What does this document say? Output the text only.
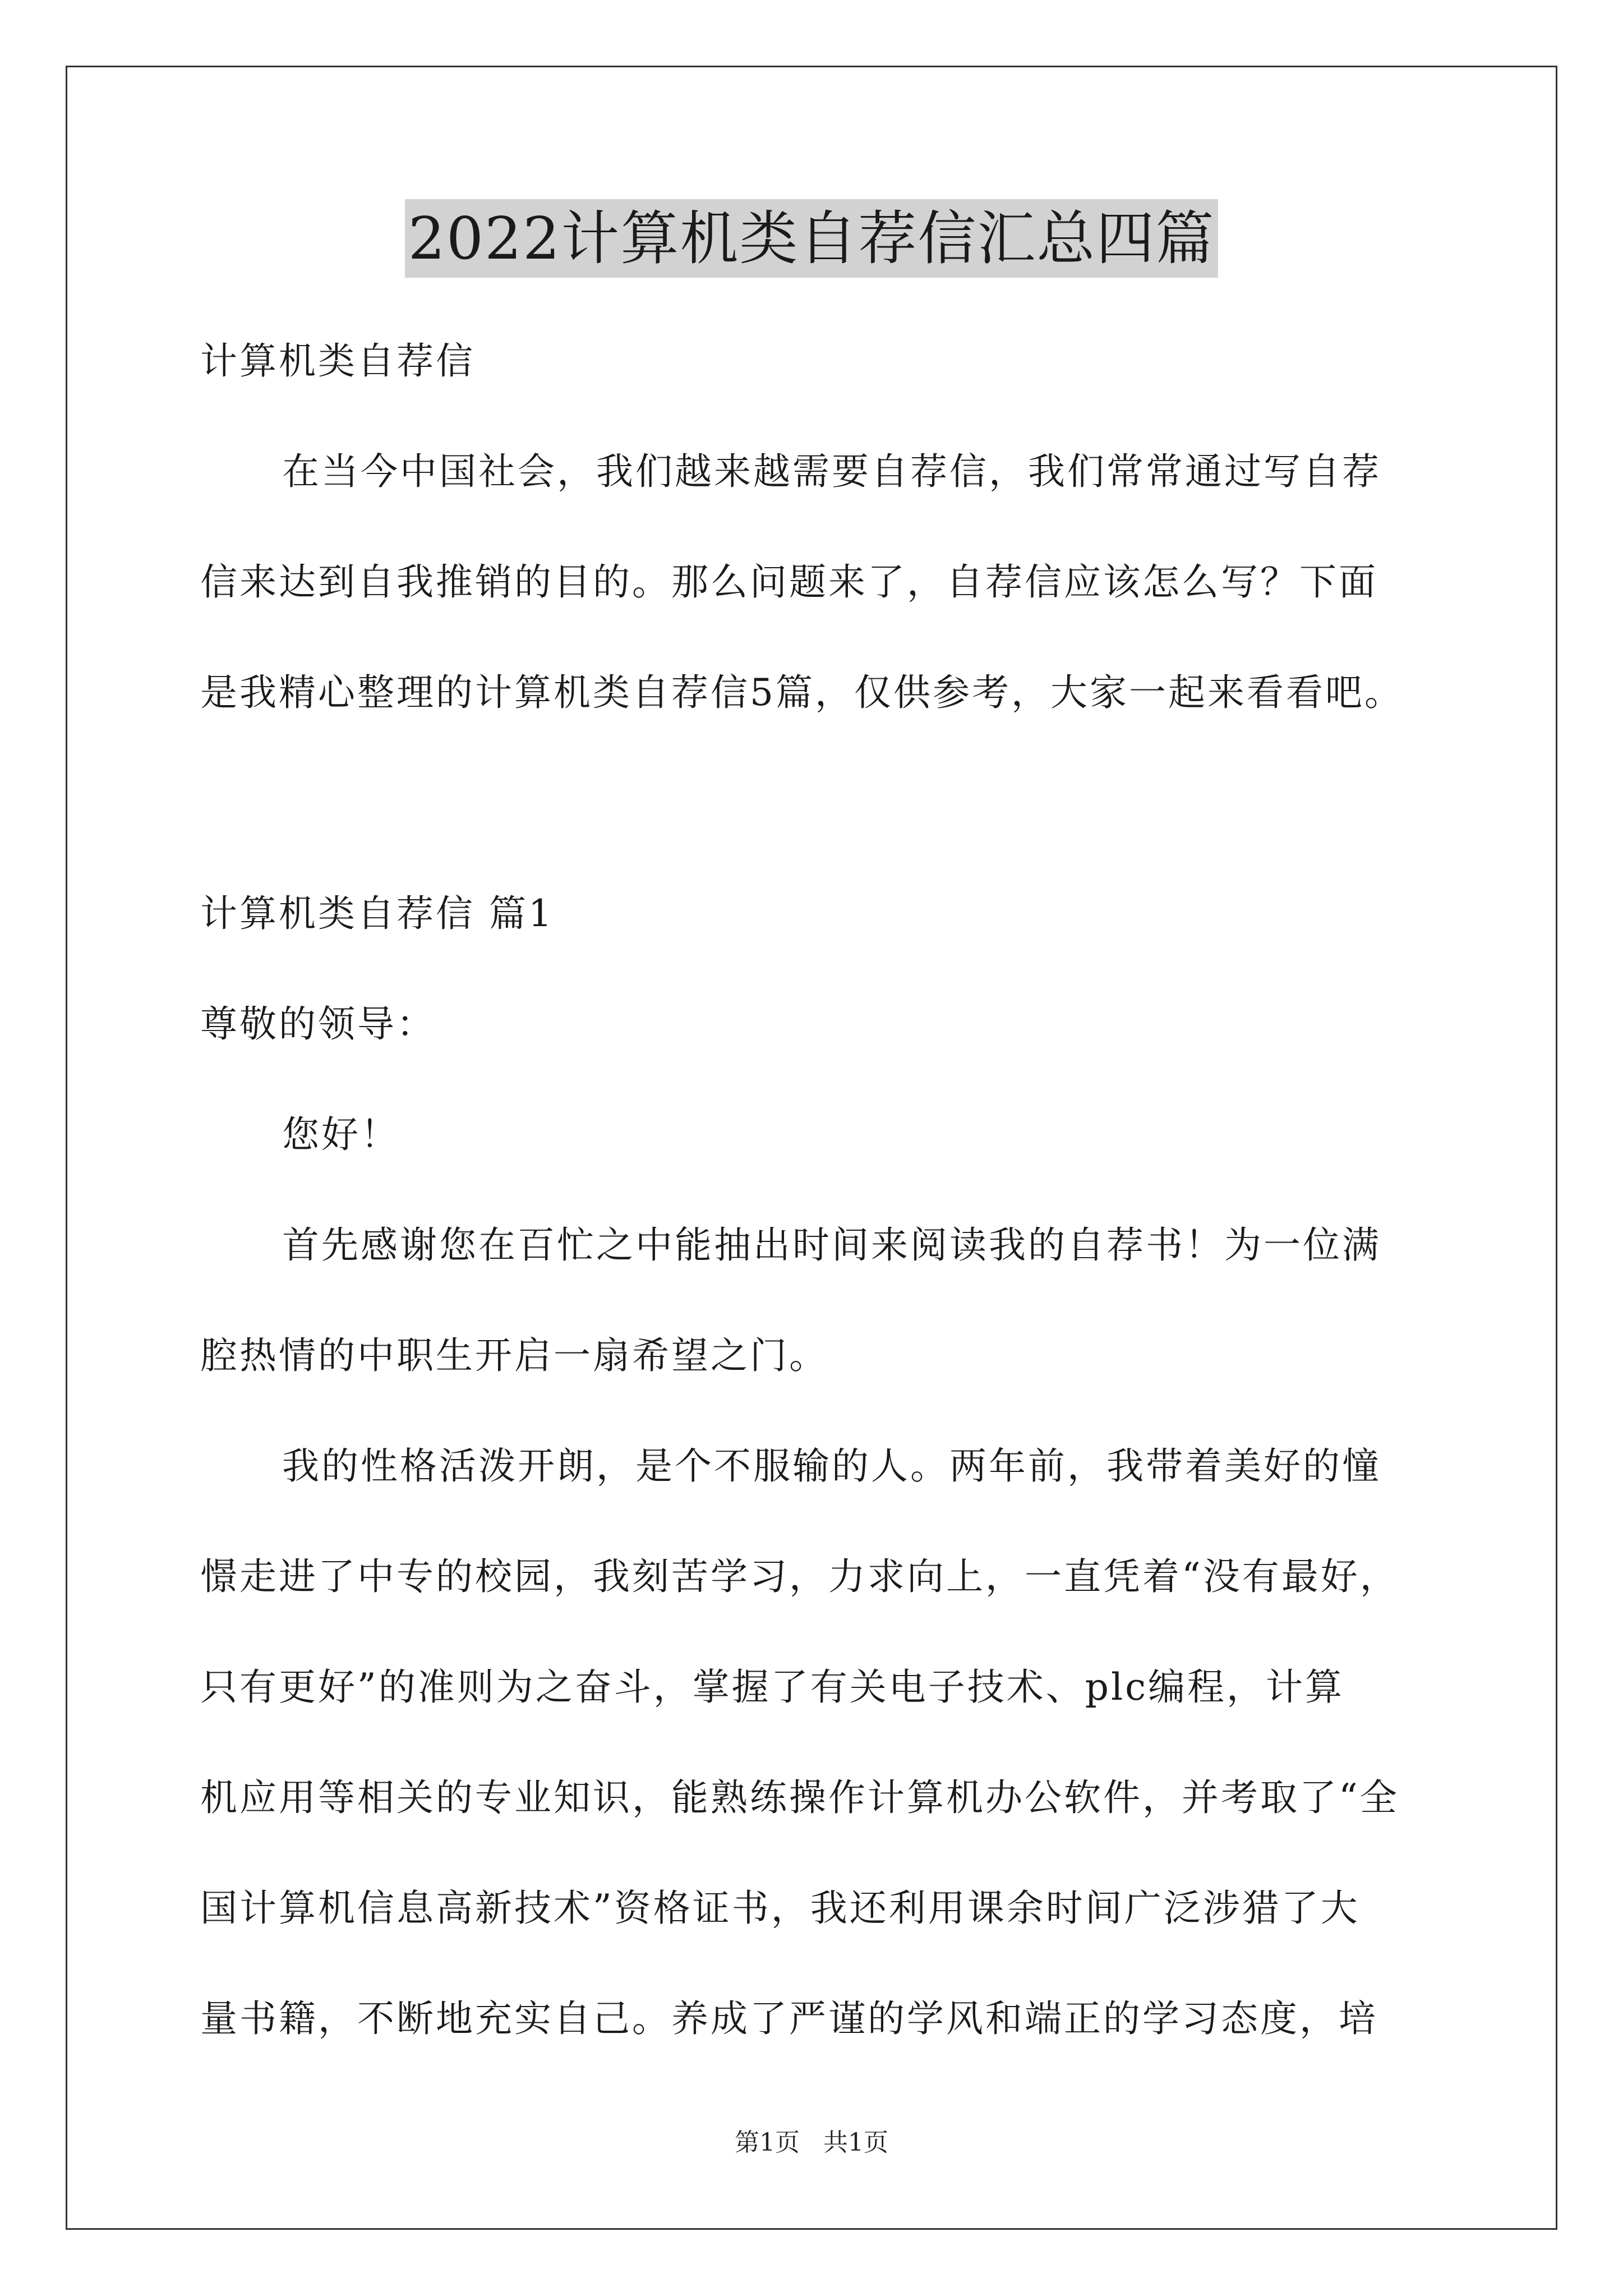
2022计算机类自荐信汇总四篇
计算机类自荐信
在当今中国社会，我们越来越需要自荐信，我们常常通过写自荐
信来达到自我推销的目的。那么问题来了，自荐信应该怎么写？下面
是我精心整理的计算机类自荐信5篇，仅供参考，大家一起来看看吧。
计算机类自荐信 篇1
尊敬的领导：
您好！
首先感谢您在百忙之中能抽出时间来阅读我的自荐书！为一位满
腔热情的中职生开启一扇希望之门。
我的性格活泼开朗，是个不服输的人。两年前，我带着美好的憧
憬走进了中专的校园，我刻苦学习，力求向上，一直凭着“没有最好，
只有更好”的准则为之奋斗，掌握了有关电子技术、plc编程，计算
机应用等相关的专业知识，能熟练操作计算机办公软件，并考取了“全
国计算机信息高新技术”资格证书，我还利用课余时间广泛涉猎了大
量书籍，不断地充实自己。养成了严谨的学风和端正的学习态度，培
第1页 共1页
